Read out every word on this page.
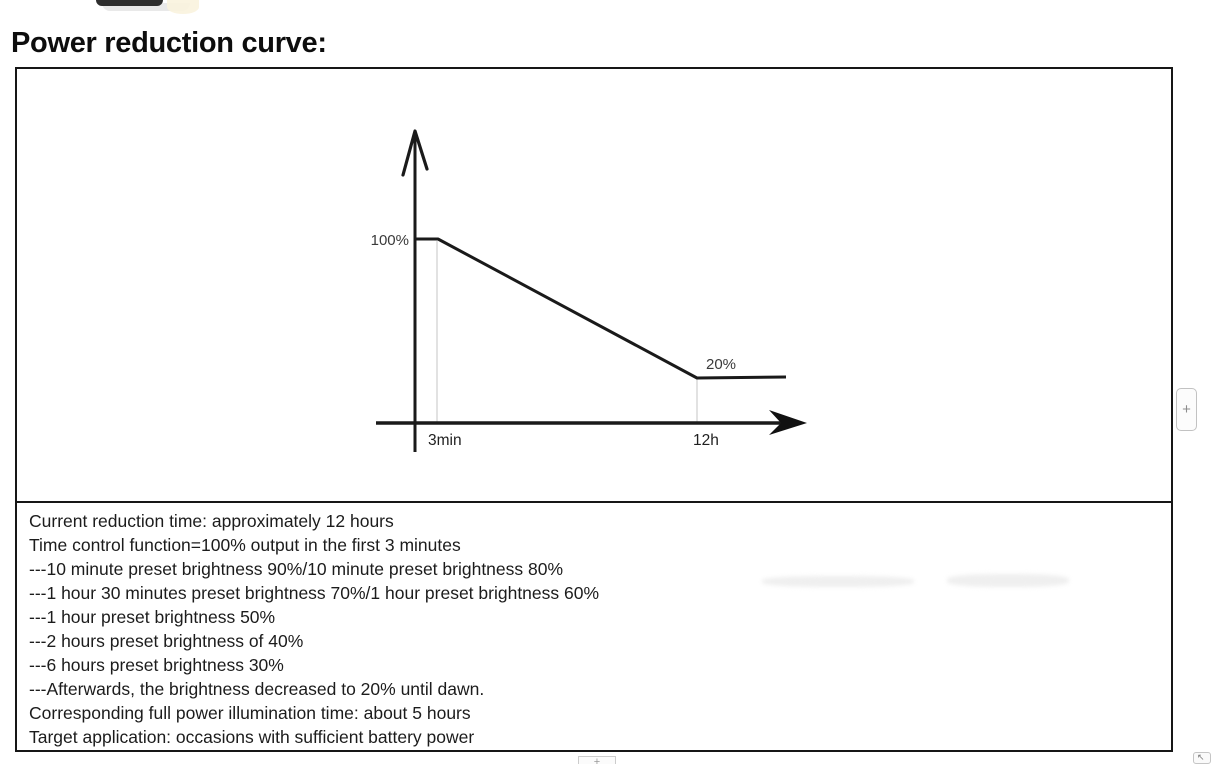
Power reduction curve:
100%
20%
3min	12h
Current reduction time: approximately 12 hours
Time control function=100% output in the first 3 minutes
---10 minute preset brightness 90%/10 minute preset brightness 80%
---1 hour 30 minutes preset brightness 70%/1 hour preset brightness 60%
---1 hour preset brightness 50%
---2 hours preset brightness of 40%
---6 hours preset brightness 30%
---Afterwards, the brightness decreased to 20% until dawn.
Corresponding full power illumination time: about 5 hours
Target application: occasions with sufficient battery power
+
+	↖
